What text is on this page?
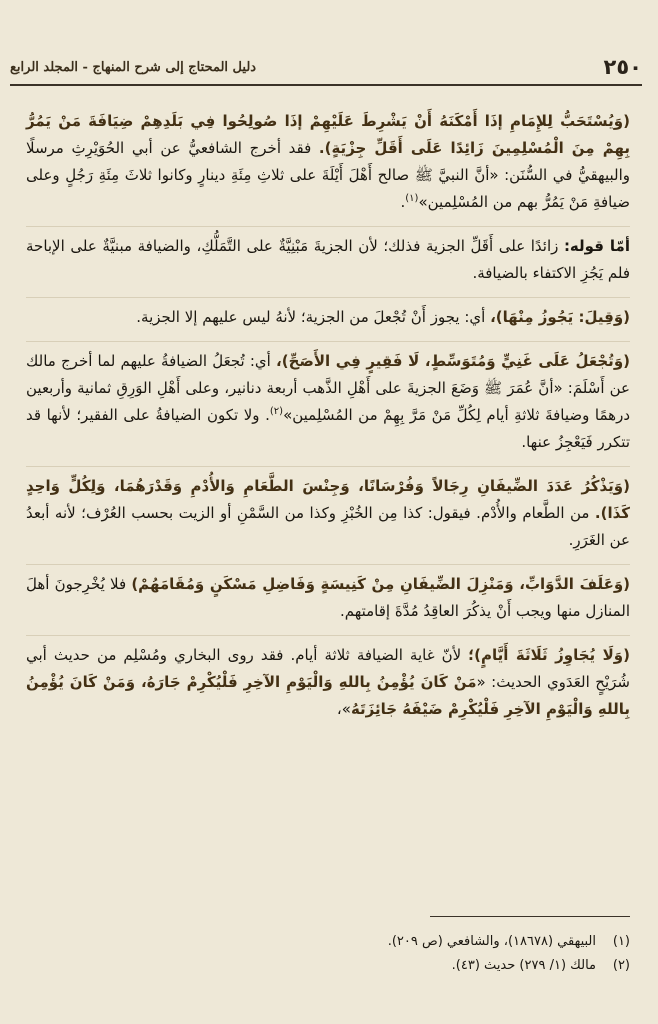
٢٥٠
دليل المحتاج إلى شرح المنهاج - المجلد الرابع

(وَيُسْتَحَبُّ لِلإِمَامِ إذَا أَمْكَنَهُ أَنْ يَشْرِطَ عَلَيْهِمْ إذَا صُولِحُوا فِي بَلَدِهِمْ ضِيَافَةَ مَنْ يَمُرُّ بِهِمْ مِنَ الْمُسْلِمِينَ زَائِدًا عَلَى أَقَلِّ جِزْيَةٍ). فقد أخرج الشافعيُّ عن أبي الحُوَيْرِثِ مرسلًا والبيهقيُّ في السُّنَن: «أنَّ النبيَّ ﷺ صالح أَهْلَ أَيْلَةَ على ثلاثِ مِئَةِ دينارٍ وكانوا ثلاثَ مِئَةِ رَجُلٍ وعلى ضيافةِ مَنْ يَمُرُّ بهم من المُسْلِمين»$^{(١)}$.

أمّا قوله: زائدًا على أَقَلِّ الجزية فذلك؛ لأن الجزيةَ مَبْنِيَّةٌ على التَّمَلُّكِ، والضيافة مبنيَّةٌ على الإباحة فلم يَجُزِ الاكتفاء بالضيافة.

(وَقِيلَ: يَجُوزُ مِنْهَا)، أي: يجوز أَنْ تُجْعلَ من الجزية؛ لأنهُ ليس عليهم إلا الجزية.

(وَتُجْعَلُ عَلَى غَنِيٍّ وَمُتَوَسِّطٍ، لَا فَقِيرٍ فِي الأَصَحِّ)، أي: تُجعَلُ الضيافةُ عليهم لما أخرج مالك عن أَسْلَمَ: «أنَّ عُمَرَ ﷺ وَضَعَ الجزيةَ على أَهْلِ الذَّهب أربعة دنانير، وعلى أَهْلِ الوَرِقِ ثمانية وأربعين درهمًا وضيافةَ ثلاثةِ أيام لِكُلِّ مَنْ مَرَّ بِهِمْ من المُسْلِمين»$^{(٢)}$. ولا تكون الضيافةُ على الفقير؛ لأنها قد تتكرر فَيَعْجِزُ عنها.

(وَيَذْكُرُ عَدَدَ الضِّيفَانِ رِجَالاً وَفُرْسَانًا، وَجِنْسَ الطَّعَامِ وَالأُدْمِ وَقَدْرَهُمَا، وَلِكُلٍّ وَاحِدٍ كَذَا). من الطَّعام والأُدْم. فيقول: كذا مِن الخُبْزِ وكذا من السَّمْنِ أو الزيت بحسب العُرْف؛ لأنه أبعدُ عن الغَرَرِ.

(وَعَلَفَ الدَّوَابِّ، وَمَنْزِلَ الضِّيفَانِ مِنْ كَنِيسَةٍ وَفَاضِلِ مَسْكَنٍ وَمُقَامَهُمْ) فلا يُخْرِجونَ أهلَ المنازل منها ويجب أَنْ يذكُرَ العاقِدُ مُدَّةَ إقامتهم.

(وَلَا يُجَاوِزُ ثَلَاثَةَ أَيَّامٍ)؛ لأنّ غاية الضيافة ثلاثة أيام. فقد روى البخاري ومُسْلِم من حديث أبي شُرَيْحٍ العَدَوي الحديث: «مَنْ كَانَ يُؤْمِنُ بِاللهِ وَالْيَوْمِ الآخِرِ فَلْيُكْرِمْ جَارَهُ، وَمَنْ كَانَ يُؤْمِنُ بِاللهِ وَالْيَوْمِ الآخِرِ فَلْيُكْرِمْ ضَيْفَهُ جَائِزَتَهُ»،

(١)البيهقي (١٨٦٧٨)، والشافعي (ص ٢٠٩).

(٢)مالك (١/ ٢٧٩) حديث (٤٣).
